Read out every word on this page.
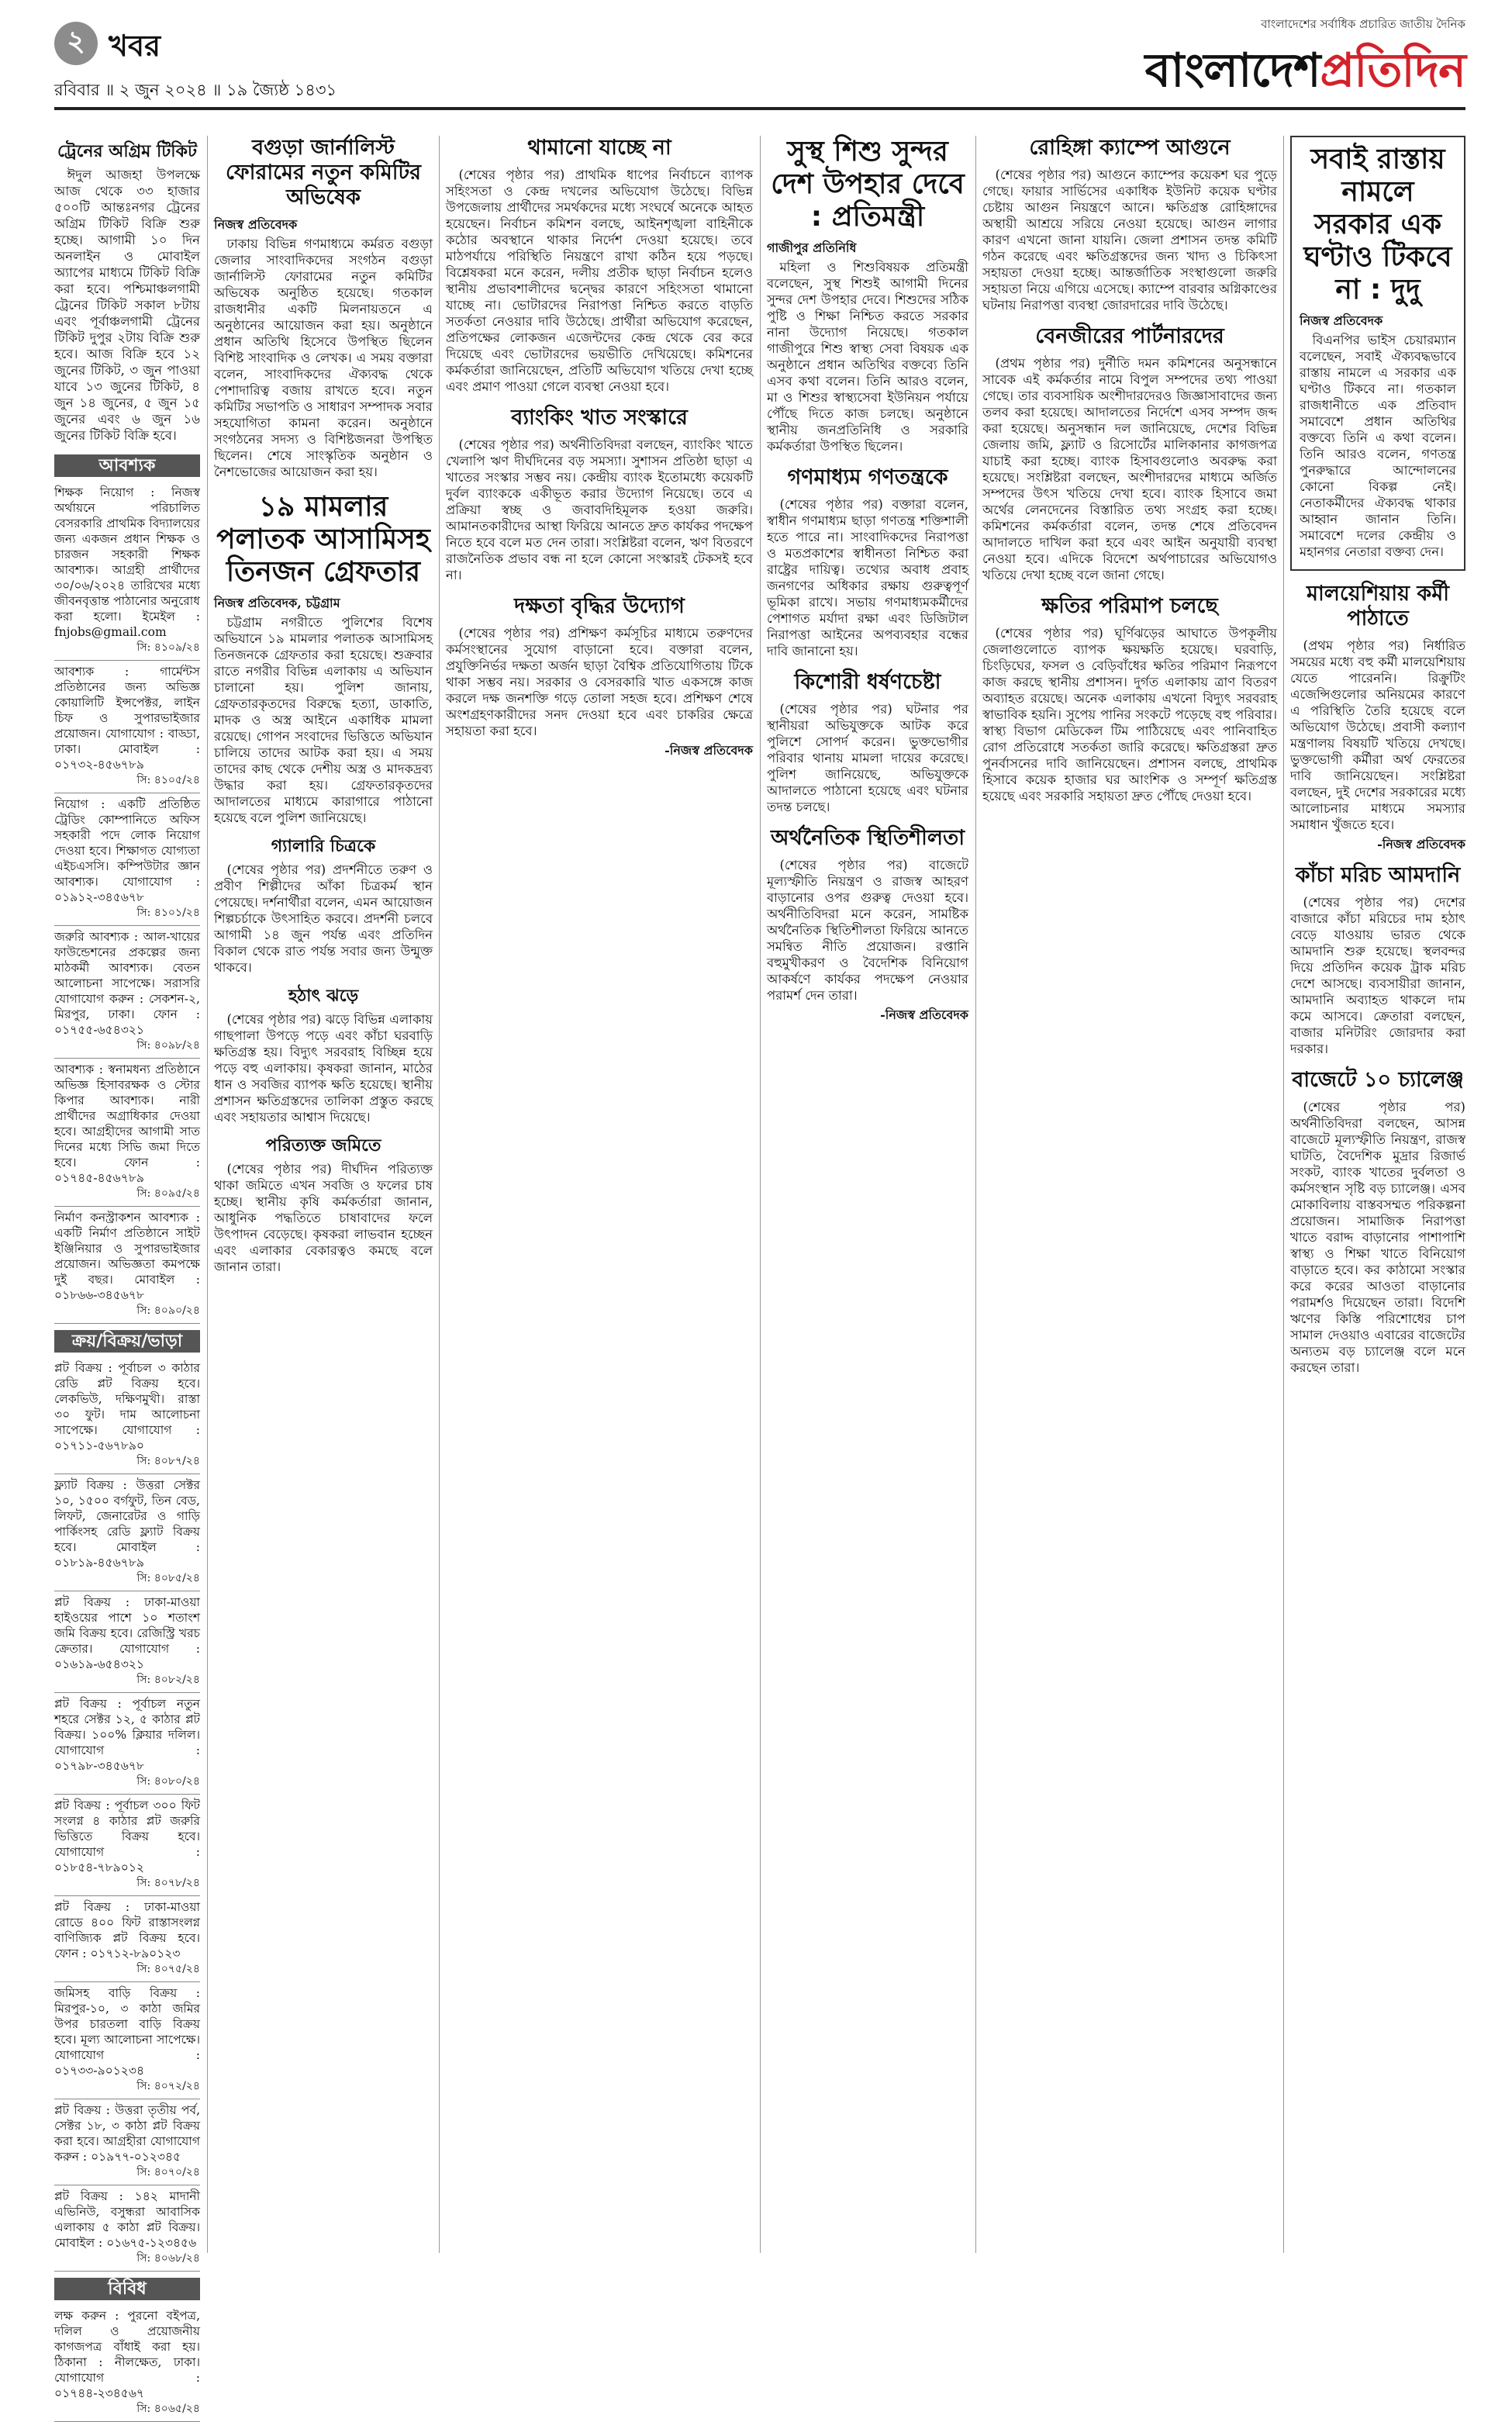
২ খবর
রবিবার ॥ ২ জুন ২০২৪ ॥ ১৯ জ্যৈষ্ঠ ১৪৩১
বাংলাদেশের সর্বাধিক প্রচারিত জাতীয় দৈনিক
বাংলাদেশপ্রতিদিন
ট্রেনের অগ্রিম টিকিট

ঈদুল আজহা উপলক্ষে আজ থেকে ৩৩ হাজার ৫০০টি আন্তঃনগর ট্রেনের অগ্রিম টিকিট বিক্রি শুরু হচ্ছে। আগামী ১০ দিন অনলাইন ও মোবাইল অ্যাপের মাধ্যমে টিকিট বিক্রি করা হবে। পশ্চিমাঞ্চলগামী ট্রেনের টিকিট সকাল ৮টায় এবং পূর্বাঞ্চলগামী ট্রেনের টিকিট দুপুর ২টায় বিক্রি শুরু হবে। আজ বিক্রি হবে ১২ জুনের টিকিট, ৩ জুন পাওয়া যাবে ১৩ জুনের টিকিট, ৪ জুন ১৪ জুনের, ৫ জুন ১৫ জুনের এবং ৬ জুন ১৬ জুনের টিকিট বিক্রি হবে।

আবশ্যক
শিক্ষক নিয়োগ : নিজস্ব অর্থায়নে পরিচালিত বেসরকারি প্রাথমিক বিদ্যালয়ের জন্য একজন প্রধান শিক্ষক ও চারজন সহকারী শিক্ষক আবশ্যক। আগ্রহী প্রার্থীদের ৩০/০৬/২০২৪ তারিখের মধ্যে জীবনবৃত্তান্ত পাঠানোর অনুরোধ করা হলো। ইমেইল : fnjobs@gmail.com
সি: ৪১০৯/২৪
আবশ্যক : গার্মেন্টস প্রতিষ্ঠানের জন্য অভিজ্ঞ কোয়ালিটি ইন্সপেক্টর, লাইন চিফ ও সুপারভাইজার প্রয়োজন। যোগাযোগ : বাড্ডা, ঢাকা। মোবাইল : ০১৭৩২-৪৫৬৭৮৯
সি: ৪১০৫/২৪
নিয়োগ : একটি প্রতিষ্ঠিত ট্রেডিং কোম্পানিতে অফিস সহকারী পদে লোক নিয়োগ দেওয়া হবে। শিক্ষাগত যোগ্যতা এইচএসসি। কম্পিউটার জ্ঞান আবশ্যক। যোগাযোগ : ০১৯১২-৩৪৫৬৭৮
সি: ৪১০১/২৪
জরুরি আবশ্যক : আল-খায়ের ফাউন্ডেশনের প্রকল্পের জন্য মাঠকর্মী আবশ্যক। বেতন আলোচনা সাপেক্ষে। সরাসরি যোগাযোগ করুন : সেকশন-২, মিরপুর, ঢাকা। ফোন : ০১৭৫৫-৬৫৪৩২১
সি: ৪০৯৮/২৪
আবশ্যক : স্বনামধন্য প্রতিষ্ঠানে অভিজ্ঞ হিসাবরক্ষক ও স্টোর কিপার আবশ্যক। নারী প্রার্থীদের অগ্রাধিকার দেওয়া হবে। আগ্রহীদের আগামী সাত দিনের মধ্যে সিভি জমা দিতে হবে। ফোন : ০১৭৪৫-৪৫৬৭৮৯
সি: ৪০৯৫/২৪
নির্মাণ কনস্ট্রাকশন আবশ্যক : একটি নির্মাণ প্রতিষ্ঠানে সাইট ইঞ্জিনিয়ার ও সুপারভাইজার প্রয়োজন। অভিজ্ঞতা কমপক্ষে দুই বছর। মোবাইল : ০১৮৬৬-৩৪৫৬৭৮
সি: ৪০৯০/২৪
ক্রয়/বিক্রয়/ভাড়া
প্লট বিক্রয় : পূর্বাচল ৩ কাঠার রেডি প্লট বিক্রয় হবে। লেকভিউ, দক্ষিণমুখী। রাস্তা ৩০ ফুট। দাম আলোচনা সাপেক্ষে। যোগাযোগ : ০১৭১১-৫৬৭৮৯০
সি: ৪০৮৭/২৪
ফ্ল্যাট বিক্রয় : উত্তরা সেক্টর ১০, ১৫০০ বর্গফুট, তিন বেড, লিফট, জেনারেটর ও গাড়ি পার্কিংসহ রেডি ফ্ল্যাট বিক্রয় হবে। মোবাইল : ০১৮১৯-৪৫৬৭৮৯
সি: ৪০৮৫/২৪
প্লট বিক্রয় : ঢাকা-মাওয়া হাইওয়ের পাশে ১০ শতাংশ জমি বিক্রয় হবে। রেজিস্ট্রি খরচ ক্রেতার। যোগাযোগ : ০১৬১৯-৬৫৪৩২১
সি: ৪০৮২/২৪
প্লট বিক্রয় : পূর্বাচল নতুন শহরে সেক্টর ১২, ৫ কাঠার প্লট বিক্রয়। ১০০% ক্লিয়ার দলিল। যোগাযোগ : ০১৭৯৮-৩৪৫৬৭৮
সি: ৪০৮০/২৪
প্লট বিক্রয় : পূর্বাচল ৩০০ ফিট সংলগ্ন ৪ কাঠার প্লট জরুরি ভিত্তিতে বিক্রয় হবে। যোগাযোগ : ০১৮৫৪-৭৮৯০১২
সি: ৪০৭৮/২৪
প্লট বিক্রয় : ঢাকা-মাওয়া রোডে ৪০০ ফিট রাস্তাসংলগ্ন বাণিজ্যিক প্লট বিক্রয় হবে। ফোন : ০১৭১২-৮৯০১২৩
সি: ৪০৭৫/২৪
জমিসহ বাড়ি বিক্রয় : মিরপুর-১০, ৩ কাঠা জমির উপর চারতলা বাড়ি বিক্রয় হবে। মূল্য আলোচনা সাপেক্ষে। যোগাযোগ : ০১৭৩৩-৯০১২৩৪
সি: ৪০৭২/২৪
প্লট বিক্রয় : উত্তরা তৃতীয় পর্ব, সেক্টর ১৮, ৩ কাঠা প্লট বিক্রয় করা হবে। আগ্রহীরা যোগাযোগ করুন : ০১৯৭৭-০১২৩৪৫
সি: ৪০৭০/২৪
প্লট বিক্রয় : ১৪২ মাদানী এভিনিউ, বসুন্ধরা আবাসিক এলাকায় ৫ কাঠা প্লট বিক্রয়। মোবাইল : ০১৬৭৫-১২৩৪৫৬
সি: ৪০৬৮/২৪
বিবিধ
লক্ষ করুন : পুরনো বইপত্র, দলিল ও প্রয়োজনীয় কাগজপত্র বাঁধাই করা হয়। ঠিকানা : নীলক্ষেত, ঢাকা। যোগাযোগ : ০১৭৪৪-২৩৪৫৬৭
সি: ৪০৬৫/২৪
বগুড়া জার্নালিস্ট ফোরামের নতুন কমিটির অভিষেক
নিজস্ব প্রতিবেদক

ঢাকায় বিভিন্ন গণমাধ্যমে কর্মরত বগুড়া জেলার সাংবাদিকদের সংগঠন বগুড়া জার্নালিস্ট ফোরামের নতুন কমিটির অভিষেক অনুষ্ঠিত হয়েছে। গতকাল রাজধানীর একটি মিলনায়তনে এ অনুষ্ঠানের আয়োজন করা হয়। অনুষ্ঠানে প্রধান অতিথি হিসেবে উপস্থিত ছিলেন বিশিষ্ট সাংবাদিক ও লেখক। এ সময় বক্তারা বলেন, সাংবাদিকদের ঐক্যবদ্ধ থেকে পেশাদারিত্ব বজায় রাখতে হবে। নতুন কমিটির সভাপতি ও সাধারণ সম্পাদক সবার সহযোগিতা কামনা করেন। অনুষ্ঠানে সংগঠনের সদস্য ও বিশিষ্টজনরা উপস্থিত ছিলেন। শেষে সাংস্কৃতিক অনুষ্ঠান ও নৈশভোজের আয়োজন করা হয়।

১৯ মামলার পলাতক আসামিসহ তিনজন গ্রেফতার
নিজস্ব প্রতিবেদক, চট্টগ্রাম

চট্টগ্রাম নগরীতে পুলিশের বিশেষ অভিযানে ১৯ মামলার পলাতক আসামিসহ তিনজনকে গ্রেফতার করা হয়েছে। শুক্রবার রাতে নগরীর বিভিন্ন এলাকায় এ অভিযান চালানো হয়। পুলিশ জানায়, গ্রেফতারকৃতদের বিরুদ্ধে হত্যা, ডাকাতি, মাদক ও অস্ত্র আইনে একাধিক মামলা রয়েছে। গোপন সংবাদের ভিত্তিতে অভিযান চালিয়ে তাদের আটক করা হয়। এ সময় তাদের কাছ থেকে দেশীয় অস্ত্র ও মাদকদ্রব্য উদ্ধার করা হয়। গ্রেফতারকৃতদের আদালতের মাধ্যমে কারাগারে পাঠানো হয়েছে বলে পুলিশ জানিয়েছে।

গ্যালারি চিত্রকে

(শেষের পৃষ্ঠার পর) প্রদর্শনীতে তরুণ ও প্রবীণ শিল্পীদের আঁকা চিত্রকর্ম স্থান পেয়েছে। দর্শনার্থীরা বলেন, এমন আয়োজন শিল্পচর্চাকে উৎসাহিত করবে। প্রদর্শনী চলবে আগামী ১৪ জুন পর্যন্ত এবং প্রতিদিন বিকাল থেকে রাত পর্যন্ত সবার জন্য উন্মুক্ত থাকবে।

হঠাৎ ঝড়ে

(শেষের পৃষ্ঠার পর) ঝড়ে বিভিন্ন এলাকায় গাছপালা উপড়ে পড়ে এবং কাঁচা ঘরবাড়ি ক্ষতিগ্রস্ত হয়। বিদ্যুৎ সরবরাহ বিচ্ছিন্ন হয়ে পড়ে বহু এলাকায়। কৃষকরা জানান, মাঠের ধান ও সবজির ব্যাপক ক্ষতি হয়েছে। স্থানীয় প্রশাসন ক্ষতিগ্রস্তদের তালিকা প্রস্তুত করছে এবং সহায়তার আশ্বাস দিয়েছে।

পরিত্যক্ত জমিতে

(শেষের পৃষ্ঠার পর) দীর্ঘদিন পরিত্যক্ত থাকা জমিতে এখন সবজি ও ফলের চাষ হচ্ছে। স্থানীয় কৃষি কর্মকর্তারা জানান, আধুনিক পদ্ধতিতে চাষাবাদের ফলে উৎপাদন বেড়েছে। কৃষকরা লাভবান হচ্ছেন এবং এলাকার বেকারত্বও কমছে বলে জানান তারা।

থামানো যাচ্ছে না

(শেষের পৃষ্ঠার পর) প্রাথমিক ধাপের নির্বাচনে ব্যাপক সহিংসতা ও কেন্দ্র দখলের অভিযোগ উঠেছে। বিভিন্ন উপজেলায় প্রার্থীদের সমর্থকদের মধ্যে সংঘর্ষে অনেকে আহত হয়েছেন। নির্বাচন কমিশন বলছে, আইনশৃঙ্খলা বাহিনীকে কঠোর অবস্থানে থাকার নির্দেশ দেওয়া হয়েছে। তবে মাঠপর্যায়ে পরিস্থিতি নিয়ন্ত্রণে রাখা কঠিন হয়ে পড়ছে। বিশ্লেষকরা মনে করেন, দলীয় প্রতীক ছাড়া নির্বাচন হলেও স্থানীয় প্রভাবশালীদের দ্বন্দ্বের কারণে সহিংসতা থামানো যাচ্ছে না। ভোটারদের নিরাপত্তা নিশ্চিত করতে বাড়তি সতর্কতা নেওয়ার দাবি উঠেছে। প্রার্থীরা অভিযোগ করেছেন, প্রতিপক্ষের লোকজন এজেন্টদের কেন্দ্র থেকে বের করে দিয়েছে এবং ভোটারদের ভয়ভীতি দেখিয়েছে। কমিশনের কর্মকর্তারা জানিয়েছেন, প্রতিটি অভিযোগ খতিয়ে দেখা হচ্ছে এবং প্রমাণ পাওয়া গেলে ব্যবস্থা নেওয়া হবে।

ব্যাংকিং খাত সংস্কারে

(শেষের পৃষ্ঠার পর) অর্থনীতিবিদরা বলছেন, ব্যাংকিং খাতে খেলাপি ঋণ দীর্ঘদিনের বড় সমস্যা। সুশাসন প্রতিষ্ঠা ছাড়া এ খাতের সংস্কার সম্ভব নয়। কেন্দ্রীয় ব্যাংক ইতোমধ্যে কয়েকটি দুর্বল ব্যাংককে একীভূত করার উদ্যোগ নিয়েছে। তবে এ প্রক্রিয়া স্বচ্ছ ও জবাবদিহিমূলক হওয়া জরুরি। আমানতকারীদের আস্থা ফিরিয়ে আনতে দ্রুত কার্যকর পদক্ষেপ নিতে হবে বলে মত দেন তারা। সংশ্লিষ্টরা বলেন, ঋণ বিতরণে রাজনৈতিক প্রভাব বন্ধ না হলে কোনো সংস্কারই টেকসই হবে না।

দক্ষতা বৃদ্ধির উদ্যোগ

(শেষের পৃষ্ঠার পর) প্রশিক্ষণ কর্মসূচির মাধ্যমে তরুণদের কর্মসংস্থানের সুযোগ বাড়ানো হবে। বক্তারা বলেন, প্রযুক্তিনির্ভর দক্ষতা অর্জন ছাড়া বৈশ্বিক প্রতিযোগিতায় টিকে থাকা সম্ভব নয়। সরকার ও বেসরকারি খাত একসঙ্গে কাজ করলে দক্ষ জনশক্তি গড়ে তোলা সহজ হবে। প্রশিক্ষণ শেষে অংশগ্রহণকারীদের সনদ দেওয়া হবে এবং চাকরির ক্ষেত্রে সহায়তা করা হবে।

-নিজস্ব প্রতিবেদক
সুস্থ শিশু সুন্দর দেশ উপহার দেবে : প্রতিমন্ত্রী
গাজীপুর প্রতিনিধি

মহিলা ও শিশুবিষয়ক প্রতিমন্ত্রী বলেছেন, সুস্থ শিশুই আগামী দিনের সুন্দর দেশ উপহার দেবে। শিশুদের সঠিক পুষ্টি ও শিক্ষা নিশ্চিত করতে সরকার নানা উদ্যোগ নিয়েছে। গতকাল গাজীপুরে শিশু স্বাস্থ্য সেবা বিষয়ক এক অনুষ্ঠানে প্রধান অতিথির বক্তব্যে তিনি এসব কথা বলেন। তিনি আরও বলেন, মা ও শিশুর স্বাস্থ্যসেবা ইউনিয়ন পর্যায়ে পৌঁছে দিতে কাজ চলছে। অনুষ্ঠানে স্থানীয় জনপ্রতিনিধি ও সরকারি কর্মকর্তারা উপস্থিত ছিলেন।

গণমাধ্যম গণতন্ত্রকে

(শেষের পৃষ্ঠার পর) বক্তারা বলেন, স্বাধীন গণমাধ্যম ছাড়া গণতন্ত্র শক্তিশালী হতে পারে না। সাংবাদিকদের নিরাপত্তা ও মতপ্রকাশের স্বাধীনতা নিশ্চিত করা রাষ্ট্রের দায়িত্ব। তথ্যের অবাধ প্রবাহ জনগণের অধিকার রক্ষায় গুরুত্বপূর্ণ ভূমিকা রাখে। সভায় গণমাধ্যমকর্মীদের পেশাগত মর্যাদা রক্ষা এবং ডিজিটাল নিরাপত্তা আইনের অপব্যবহার বন্ধের দাবি জানানো হয়।

কিশোরী ধর্ষণচেষ্টা

(শেষের পৃষ্ঠার পর) ঘটনার পর স্থানীয়রা অভিযুক্তকে আটক করে পুলিশে সোপর্দ করেন। ভুক্তভোগীর পরিবার থানায় মামলা দায়ের করেছে। পুলিশ জানিয়েছে, অভিযুক্তকে আদালতে পাঠানো হয়েছে এবং ঘটনার তদন্ত চলছে।

অর্থনৈতিক স্থিতিশীলতা

(শেষের পৃষ্ঠার পর) বাজেটে মূল্যস্ফীতি নিয়ন্ত্রণ ও রাজস্ব আহরণ বাড়ানোর ওপর গুরুত্ব দেওয়া হবে। অর্থনীতিবিদরা মনে করেন, সামষ্টিক অর্থনৈতিক স্থিতিশীলতা ফিরিয়ে আনতে সমন্বিত নীতি প্রয়োজন। রপ্তানি বহুমুখীকরণ ও বৈদেশিক বিনিয়োগ আকর্ষণে কার্যকর পদক্ষেপ নেওয়ার পরামর্শ দেন তারা।

-নিজস্ব প্রতিবেদক
রোহিঙ্গা ক্যাম্পে আগুনে

(শেষের পৃষ্ঠার পর) আগুনে ক্যাম্পের কয়েকশ ঘর পুড়ে গেছে। ফায়ার সার্ভিসের একাধিক ইউনিট কয়েক ঘণ্টার চেষ্টায় আগুন নিয়ন্ত্রণে আনে। ক্ষতিগ্রস্ত রোহিঙ্গাদের অস্থায়ী আশ্রয়ে সরিয়ে নেওয়া হয়েছে। আগুন লাগার কারণ এখনো জানা যায়নি। জেলা প্রশাসন তদন্ত কমিটি গঠন করেছে এবং ক্ষতিগ্রস্তদের জন্য খাদ্য ও চিকিৎসা সহায়তা দেওয়া হচ্ছে। আন্তর্জাতিক সংস্থাগুলো জরুরি সহায়তা নিয়ে এগিয়ে এসেছে। ক্যাম্পে বারবার অগ্নিকাণ্ডের ঘটনায় নিরাপত্তা ব্যবস্থা জোরদারের দাবি উঠেছে।

বেনজীরের পার্টনারদের

(প্রথম পৃষ্ঠার পর) দুর্নীতি দমন কমিশনের অনুসন্ধানে সাবেক এই কর্মকর্তার নামে বিপুল সম্পদের তথ্য পাওয়া গেছে। তার ব্যবসায়িক অংশীদারদেরও জিজ্ঞাসাবাদের জন্য তলব করা হয়েছে। আদালতের নির্দেশে এসব সম্পদ জব্দ করা হয়েছে। অনুসন্ধান দল জানিয়েছে, দেশের বিভিন্ন জেলায় জমি, ফ্ল্যাট ও রিসোর্টের মালিকানার কাগজপত্র যাচাই করা হচ্ছে। ব্যাংক হিসাবগুলোও অবরুদ্ধ করা হয়েছে। সংশ্লিষ্টরা বলছেন, অংশীদারদের মাধ্যমে অর্জিত সম্পদের উৎস খতিয়ে দেখা হবে। ব্যাংক হিসাবে জমা অর্থের লেনদেনের বিস্তারিত তথ্য সংগ্রহ করা হচ্ছে। কমিশনের কর্মকর্তারা বলেন, তদন্ত শেষে প্রতিবেদন আদালতে দাখিল করা হবে এবং আইন অনুযায়ী ব্যবস্থা নেওয়া হবে। এদিকে বিদেশে অর্থপাচারের অভিযোগও খতিয়ে দেখা হচ্ছে বলে জানা গেছে।

ক্ষতির পরিমাপ চলছে

(শেষের পৃষ্ঠার পর) ঘূর্ণিঝড়ের আঘাতে উপকূলীয় জেলাগুলোতে ব্যাপক ক্ষয়ক্ষতি হয়েছে। ঘরবাড়ি, চিংড়িঘের, ফসল ও বেড়িবাঁধের ক্ষতির পরিমাণ নিরূপণে কাজ করছে স্থানীয় প্রশাসন। দুর্গত এলাকায় ত্রাণ বিতরণ অব্যাহত রয়েছে। অনেক এলাকায় এখনো বিদ্যুৎ সরবরাহ স্বাভাবিক হয়নি। সুপেয় পানির সংকটে পড়েছে বহু পরিবার। স্বাস্থ্য বিভাগ মেডিকেল টিম পাঠিয়েছে এবং পানিবাহিত রোগ প্রতিরোধে সতর্কতা জারি করেছে। ক্ষতিগ্রস্তরা দ্রুত পুনর্বাসনের দাবি জানিয়েছেন। প্রশাসন বলছে, প্রাথমিক হিসাবে কয়েক হাজার ঘর আংশিক ও সম্পূর্ণ ক্ষতিগ্রস্ত হয়েছে এবং সরকারি সহায়তা দ্রুত পৌঁছে দেওয়া হবে।

সবাই রাস্তায় নামলে সরকার এক ঘণ্টাও টিকবে না : দুদু
নিজস্ব প্রতিবেদক

বিএনপির ভাইস চেয়ারম্যান বলেছেন, সবাই ঐক্যবদ্ধভাবে রাস্তায় নামলে এ সরকার এক ঘণ্টাও টিকবে না। গতকাল রাজধানীতে এক প্রতিবাদ সমাবেশে প্রধান অতিথির বক্তব্যে তিনি এ কথা বলেন। তিনি আরও বলেন, গণতন্ত্র পুনরুদ্ধারে আন্দোলনের কোনো বিকল্প নেই। নেতাকর্মীদের ঐক্যবদ্ধ থাকার আহ্বান জানান তিনি। সমাবেশে দলের কেন্দ্রীয় ও মহানগর নেতারা বক্তব্য দেন।

মালয়েশিয়ায় কর্মী পাঠাতে

(প্রথম পৃষ্ঠার পর) নির্ধারিত সময়ের মধ্যে বহু কর্মী মালয়েশিয়ায় যেতে পারেননি। রিক্রুটিং এজেন্সিগুলোর অনিয়মের কারণে এ পরিস্থিতি তৈরি হয়েছে বলে অভিযোগ উঠেছে। প্রবাসী কল্যাণ মন্ত্রণালয় বিষয়টি খতিয়ে দেখছে। ভুক্তভোগী কর্মীরা অর্থ ফেরতের দাবি জানিয়েছেন। সংশ্লিষ্টরা বলছেন, দুই দেশের সরকারের মধ্যে আলোচনার মাধ্যমে সমস্যার সমাধান খুঁজতে হবে।

-নিজস্ব প্রতিবেদক
কাঁচা মরিচ আমদানি

(শেষের পৃষ্ঠার পর) দেশের বাজারে কাঁচা মরিচের দাম হঠাৎ বেড়ে যাওয়ায় ভারত থেকে আমদানি শুরু হয়েছে। স্থলবন্দর দিয়ে প্রতিদিন কয়েক ট্রাক মরিচ দেশে আসছে। ব্যবসায়ীরা জানান, আমদানি অব্যাহত থাকলে দাম কমে আসবে। ক্রেতারা বলছেন, বাজার মনিটরিং জোরদার করা দরকার।

বাজেটে ১০ চ্যালেঞ্জ

(শেষের পৃষ্ঠার পর) অর্থনীতিবিদরা বলছেন, আসন্ন বাজেটে মূল্যস্ফীতি নিয়ন্ত্রণ, রাজস্ব ঘাটতি, বৈদেশিক মুদ্রার রিজার্ভ সংকট, ব্যাংক খাতের দুর্বলতা ও কর্মসংস্থান সৃষ্টি বড় চ্যালেঞ্জ। এসব মোকাবিলায় বাস্তবসম্মত পরিকল্পনা প্রয়োজন। সামাজিক নিরাপত্তা খাতে বরাদ্দ বাড়ানোর পাশাপাশি স্বাস্থ্য ও শিক্ষা খাতে বিনিয়োগ বাড়াতে হবে। কর কাঠামো সংস্কার করে করের আওতা বাড়ানোর পরামর্শও দিয়েছেন তারা। বিদেশি ঋণের কিস্তি পরিশোধের চাপ সামাল দেওয়াও এবারের বাজেটের অন্যতম বড় চ্যালেঞ্জ বলে মনে করছেন তারা।
